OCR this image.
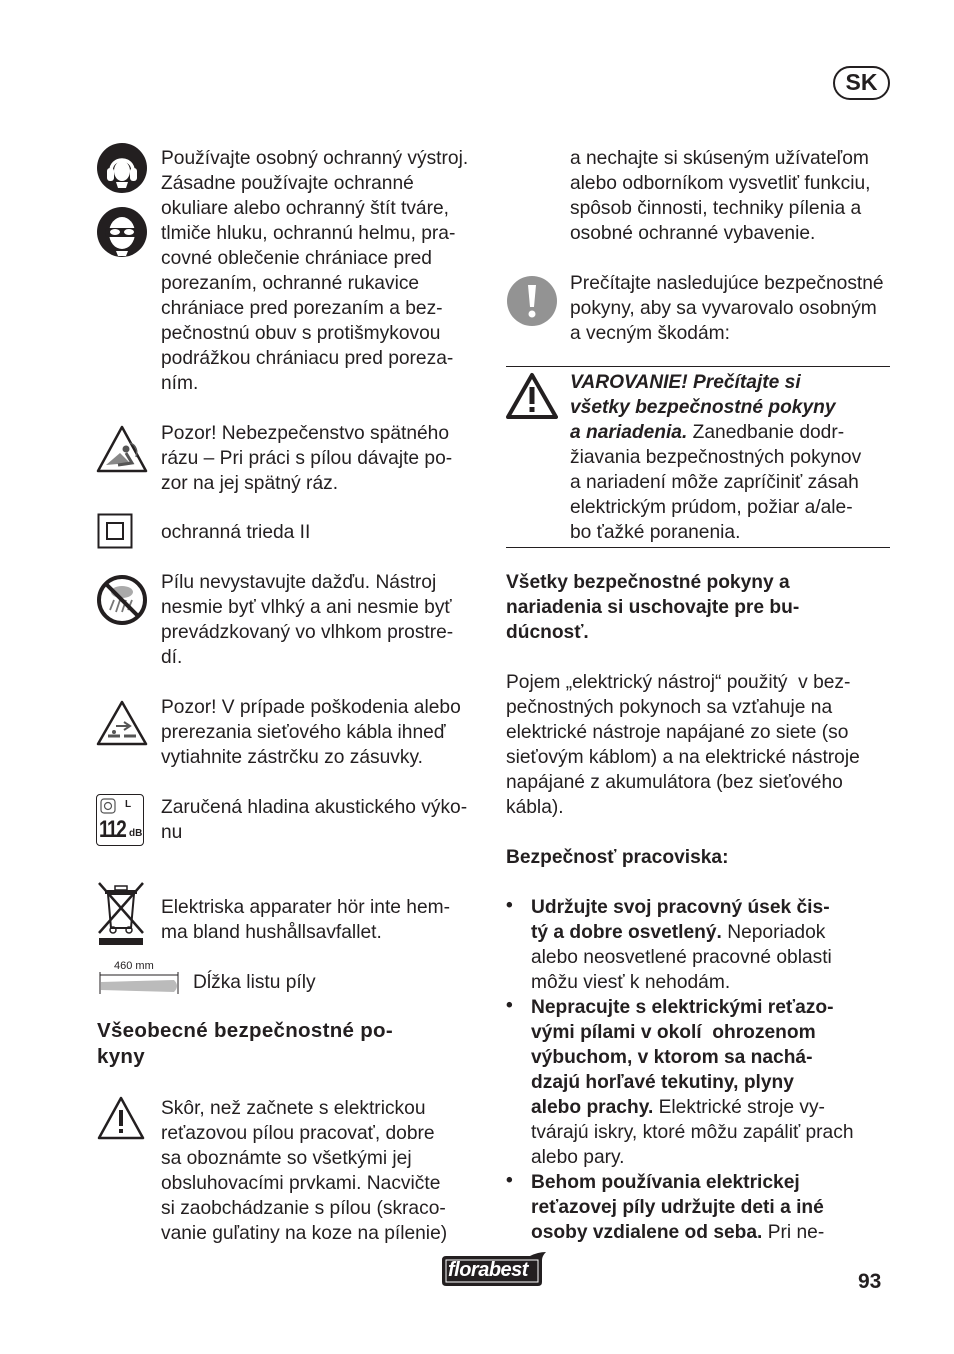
SK
Používajte osobný ochranný výstroj.
Zásadne používajte ochranné
okuliare alebo ochranný štít tváre,
tlmiče hluku, ochrannú helmu, pra-
covné oblečenie chrániace pred
porezaním, ochranné rukavice
chrániace pred porezaním a bez-
pečnostnú obuv s protišmykovou
podrážkou chrániacu pred poreza-
ním.
Pozor! Nebezpečenstvo spätného
rázu – Pri práci s pílou dávajte po-
zor na jej spätný ráz.
ochranná trieda II
Pílu nevystavujte dažďu. Nástroj
nesmie byť vlhký a ani nesmie byť
prevádzkovaný vo vlhkom prostre-
dí.
Pozor! V prípade poškodenia alebo
prerezania sieťového kábla ihneď
vytiahnite zástrčku zo zásuvky.
L
112 dB
Zaručená hladina akustického výko-
nu
Elektriska apparater hör inte hem-
ma bland hushållsavfallet.
460 mm
Dĺžka listu píly
Všeobecné bezpečnostné po-
kyny
Skôr, než začnete s elektrickou
reťazovou pílou pracovať, dobre
sa oboznámte so všetkými jej
obsluhovacími prvkami. Nacvičte
si zaobchádzanie s pílou (skraco-
vanie guľatiny na koze na pílenie)
a nechajte si skúseným užívateľom
alebo odborníkom vysvetliť funkciu,
spôsob činnosti, techniky pílenia a
osobné ochranné vybavenie.
Prečítajte nasledujúce bezpečnostné
pokyny, aby sa vyvarovalo osobným
a vecným škodám:
VAROVANIE! Prečítajte si
všetky bezpečnostné pokyny
a nariadenia. Zanedbanie dodr-
žiavania bezpečnostných pokynov
a nariadení môže zapríčiniť zásah
elektrickým prúdom, požiar a/ale-
bo ťažké poranenia.
Všetky bezpečnostné pokyny a
nariadenia si uschovajte pre bu-
dúcnosť.
Pojem „elektrický nástroj“ použitý  v bez-
pečnostných pokynoch sa vzťahuje na
elektrické nástroje napájané zo siete (so
sieťovým káblom) a na elektrické nástroje
napájané z akumulátora (bez sieťového
kábla).
Bezpečnosť pracoviska:
• Udržujte svoj pracovný úsek čis-
tý a dobre osvetlený. Neporiadok
alebo neosvetlené pracovné oblasti
môžu viesť k nehodám.
• Nepracujte s elektrickými reťazo-
vými pílami v okolí  ohrozenom
výbuchom, v ktorom sa nachá-
dzajú horľavé tekutiny, plyny
alebo prachy. Elektrické stroje vy-
tvárajú iskry, ktoré môžu zapáliť prach
alebo pary.
• Behom používania elektrickej
reťazovej píly udržujte deti a iné
osoby vzdialene od seba. Pri ne-
florabest	93
